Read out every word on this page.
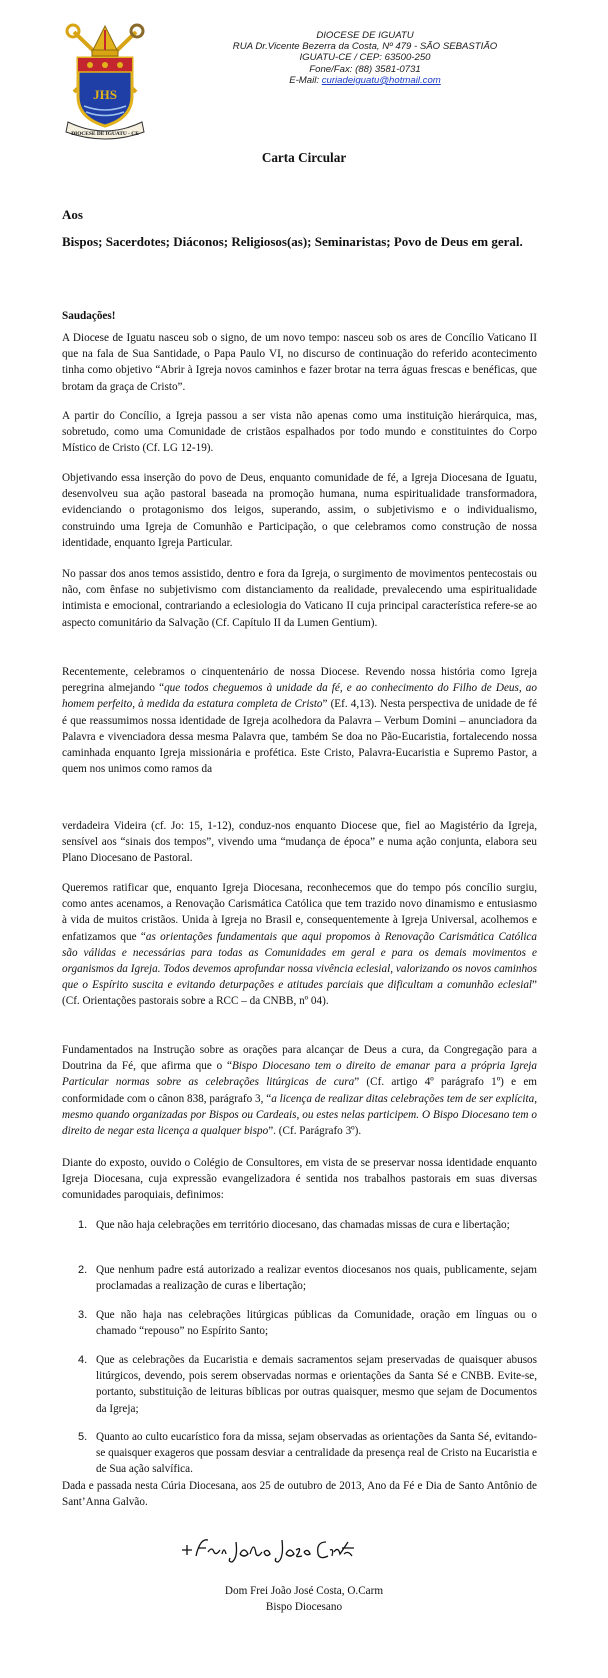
JHS
DIOCESE DE IGUATU - CE
DIOCESE DE IGUATU
RUA Dr.Vicente Bezerra da Costa, Nº 479 - SÃO SEBASTIÃO
IGUATU-CE / CEP: 63500-250
Fone/Fax: (88) 3581-0731
E-Mail: curiadeiguatu@hotmail.com
Carta Circular
Aos
Bispos; Sacerdotes; Diáconos; Religiosos(as); Seminaristas; Povo de Deus em geral.
Saudações!

A Diocese de Iguatu nasceu sob o signo, de um novo tempo: nasceu sob os ares de Concílio Vaticano II que na fala de Sua Santidade, o Papa Paulo VI, no discurso de continuação do referido acontecimento tinha como objetivo “Abrir à Igreja novos caminhos e fazer brotar na terra águas frescas e benéficas, que brotam da graça de Cristo”.

A partir do Concílio, a Igreja passou a ser vista não apenas como uma instituição hierárquica, mas, sobretudo, como uma Comunidade de cristãos espalhados por todo mundo e constituintes do Corpo Místico de Cristo (Cf. LG 12-19).

Objetivando essa inserção do povo de Deus, enquanto comunidade de fé, a Igreja Diocesana de Iguatu, desenvolveu sua ação pastoral baseada na promoção humana, numa espiritualidade transformadora, evidenciando o protagonismo dos leigos, superando, assim, o subjetivismo e o individualismo, construindo uma Igreja de Comunhão e Participação, o que celebramos como construção de nossa identidade, enquanto Igreja Particular.

No passar dos anos temos assistido, dentro e fora da Igreja, o surgimento de movimentos pentecostais ou não, com ênfase no subjetivismo com distanciamento da realidade, prevalecendo uma espiritualidade intimista e emocional, contrariando a eclesiologia do Vaticano II cuja principal característica refere-se ao aspecto comunitário da Salvação (Cf. Capítulo II da Lumen Gentium).

Recentemente, celebramos o cinquentenário de nossa Diocese. Revendo nossa história como Igreja peregrina almejando “que todos cheguemos à unidade da fé, e ao conhecimento do Filho de Deus, ao homem perfeito, à medida da estatura completa de Cristo” (Ef. 4,13). Nesta perspectiva de unidade de fé é que reassumimos nossa identidade de Igreja acolhedora da Palavra – Verbum Domini – anunciadora da Palavra e vivenciadora dessa mesma Palavra que, também Se doa no Pão-Eucaristia, fortalecendo nossa caminhada enquanto Igreja missionária e profética. Este Cristo, Palavra-Eucaristia e Supremo Pastor, a quem nos unimos como ramos da

verdadeira Videira (cf. Jo: 15, 1-12), conduz-nos enquanto Diocese que, fiel ao Magistério da Igreja, sensível aos “sinais dos tempos”, vivendo uma “mudança de época” e numa ação conjunta, elabora seu Plano Diocesano de Pastoral.

Queremos ratificar que, enquanto Igreja Diocesana, reconhecemos que do tempo pós concílio surgiu, como antes acenamos, a Renovação Carismática Católica que tem trazido novo dinamismo e entusiasmo à vida de muitos cristãos. Unida à Igreja no Brasil e, consequentemente à Igreja Universal, acolhemos e enfatizamos que “as orientações fundamentais que aqui propomos à Renovação Carismática Católica são válidas e necessárias para todas as Comunidades em geral e para os demais movimentos e organismos da Igreja. Todos devemos aprofundar nossa vivência eclesial, valorizando os novos caminhos que o Espírito suscita e evitando deturpações e atitudes parciais que dificultam a comunhão eclesial” (Cf. Orientações pastorais sobre a RCC – da CNBB, nº 04).

Fundamentados na Instrução sobre as orações para alcançar de Deus a cura, da Congregação para a Doutrina da Fé, que afirma que o “Bispo Diocesano tem o direito de emanar para a própria Igreja Particular normas sobre as celebrações litúrgicas de cura” (Cf. artigo 4º parágrafo 1º) e em conformidade com o cânon 838, parágrafo 3, “a licença de realizar ditas celebrações tem de ser explícita, mesmo quando organizadas por Bispos ou Cardeais, ou estes nelas participem. O Bispo Diocesano tem o direito de negar esta licença a qualquer bispo”. (Cf. Parágrafo 3º).

Diante do exposto, ouvido o Colégio de Consultores, em vista de se preservar nossa identidade enquanto Igreja Diocesana, cuja expressão evangelizadora é sentida nos trabalhos pastorais em suas diversas comunidades paroquiais, definimos:

1. Que não haja celebrações em território diocesano, das chamadas missas de cura e libertação;
2. Que nenhum padre está autorizado a realizar eventos diocesanos nos quais, publicamente, sejam proclamadas a realização de curas e libertação;
3. Que não haja nas celebrações litúrgicas públicas da Comunidade, oração em línguas ou o chamado “repouso” no Espírito Santo;
4. Que as celebrações da Eucaristia e demais sacramentos sejam preservadas de quaisquer abusos litúrgicos, devendo, pois serem observadas normas e orientações da Santa Sé e CNBB. Evite-se, portanto, substituição de leituras bíblicas por outras quaisquer, mesmo que sejam de Documentos da Igreja;
5. Quanto ao culto eucarístico fora da missa, sejam observadas as orientações da Santa Sé, evitando-se quaisquer exageros que possam desviar a centralidade da presença real de Cristo na Eucaristia e de Sua ação salvífica.

Dada e passada nesta Cúria Diocesana, aos 25 de outubro de 2013, Ano da Fé e Dia de Santo Antônio de Sant’Anna Galvão.

Dom Frei João José Costa, O.Carm
Bispo Diocesano
